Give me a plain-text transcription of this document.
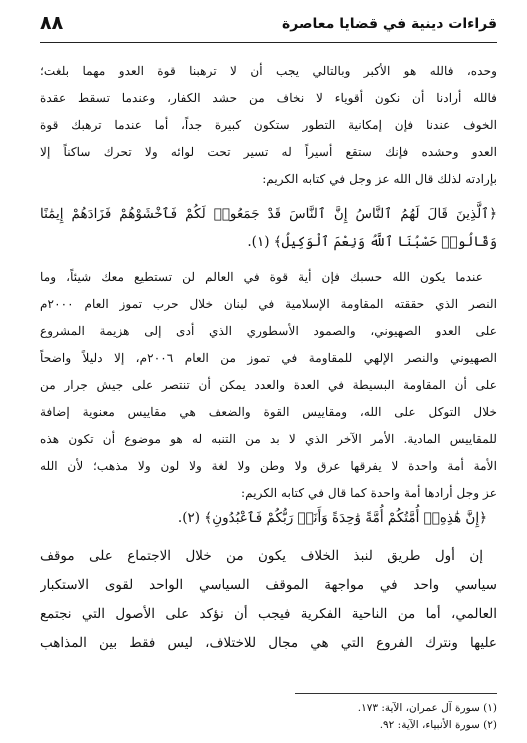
قراءات دينية في قضايا معاصرة
٨٨
وحده، فالله هو الأكبر وبالتالي يجب أن لا ترهبنا قوة العدو مهما بلغت؛
فالله أرادنا أن نكون أقوياء لا نخاف من حشد الكفار، وعندما تسقط عقدة
الخوف عندنا فإن إمكانية التطور ستكون كبيرة جداً، أما عندما ترهبك قوة
العدو وحشده فإنك ستقع أسيراً له تسير تحت لوائه ولا تحرك ساكناً إلا
بإرادته لذلك قال الله عز وجل في كتابه الكريم:
﴿ٱلَّذِينَ قَالَ لَهُمُ ٱلنَّاسُ إِنَّ ٱلنَّاسَ قَدْ جَمَعُوا۟ لَكُمْ فَٱخْشَوْهُمْ فَزَادَهُمْ إِيمَٰنًا
وَقَالُوا۟ حَسْبُنَا ٱللَّهُ وَنِعْمَ ٱلْوَكِيلُ﴾ (١).
عندما يكون الله حسبك فإن أية قوة في العالم لن تستطيع معك شيئاً، وما
النصر الذي حققته المقاومة الإسلامية في لبنان خلال حرب تموز العام ٢٠٠٠م
على العدو الصهيوني، والصمود الأسطوري الذي أدى إلى هزيمة المشروع
الصهيوني والنصر الإلهي للمقاومة في تموز من العام ٢٠٠٦م، إلا دليلاً واضحاً
على أن المقاومة البسيطة في العدة والعدد يمكن أن تنتصر على جيش جرار من
خلال التوكل على الله، ومقاييس القوة والضعف هي مقاييس معنوية إضافة
للمقاييس المادية. الأمر الآخر الذي لا بد من التنبه له هو موضوع أن تكون هذه
الأمة أمة واحدة لا يفرقها عرق ولا وطن ولا لغة ولا لون ولا مذهب؛ لأن الله
عز وجل أرادها أمة واحدة كما قال في كتابه الكريم:
﴿إِنَّ هَٰذِهِۦٓ أُمَّتُكُمْ أُمَّةً وَٰحِدَةً وَأَنَا۠ رَبُّكُمْ فَٱعْبُدُونِ﴾ (٢).
إن أول طريق لنبذ الخلاف يكون من خلال الاجتماع على موقف
سياسي واحد في مواجهة الموقف السياسي الواحد لقوى الاستكبار
العالمي، أما من الناحية الفكرية فيجب أن نؤكد على الأصول التي نجتمع
عليها ونترك الفروع التي هي مجال للاختلاف، ليس فقط بين المذاهب
(١) سورة آل عمران، الآية: ١٧٣.
(٢) سورة الأنبياء، الآية: ٩٢.
